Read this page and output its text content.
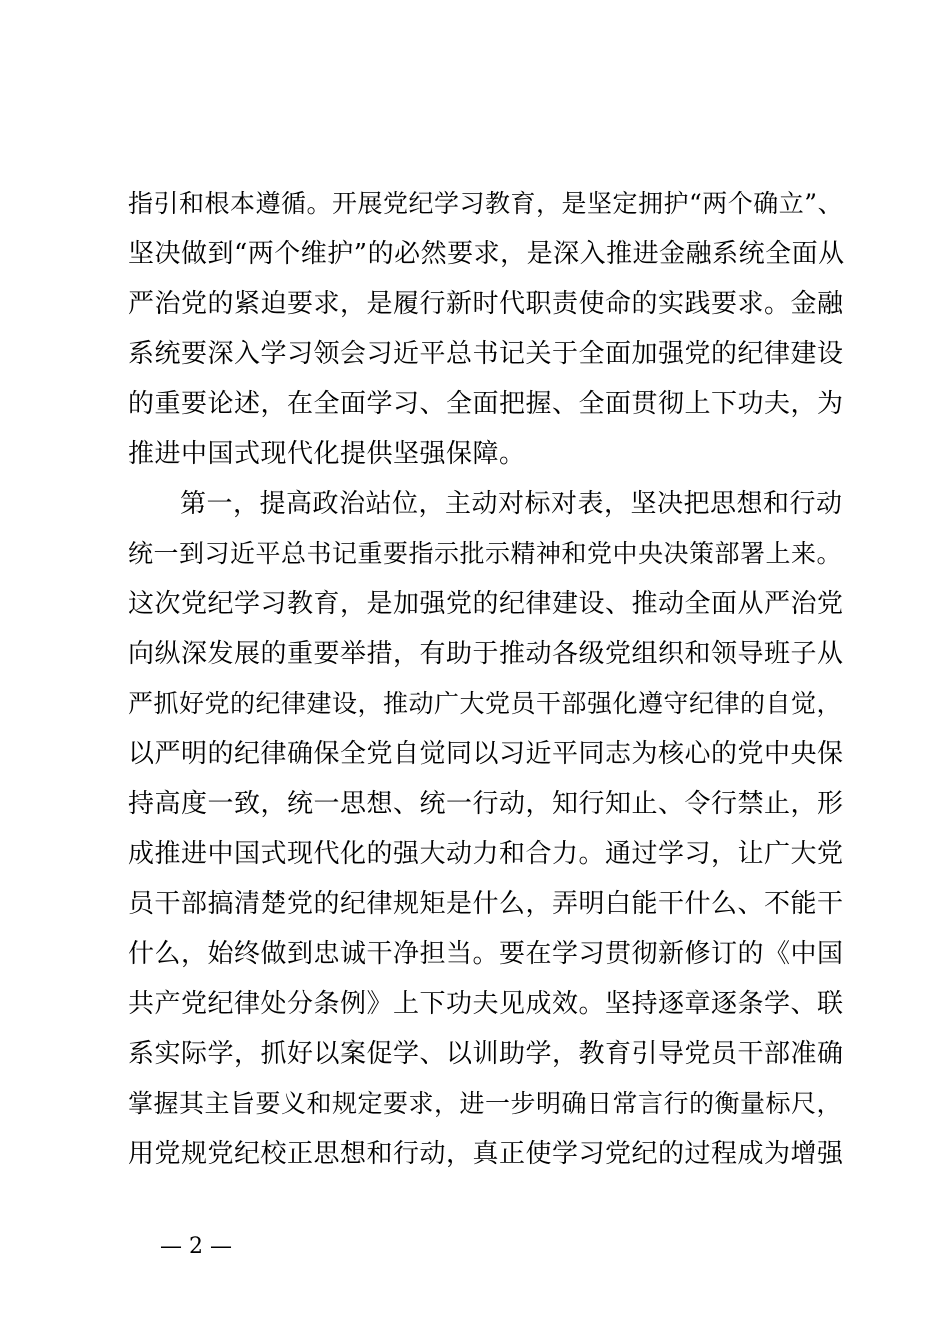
指引和根本遵循。开展党纪学习教育，是坚定拥护“两个确立”、
坚决做到“两个维护”的必然要求，是深入推进金融系统全面从
严治党的紧迫要求，是履行新时代职责使命的实践要求。金融
系统要深入学习领会习近平总书记关于全面加强党的纪律建设
的重要论述，在全面学习、全面把握、全面贯彻上下功夫，为
推进中国式现代化提供坚强保障。
第一，提高政治站位，主动对标对表，坚决把思想和行动
统一到习近平总书记重要指示批示精神和党中央决策部署上来。
这次党纪学习教育，是加强党的纪律建设、推动全面从严治党
向纵深发展的重要举措，有助于推动各级党组织和领导班子从
严抓好党的纪律建设，推动广大党员干部强化遵守纪律的自觉，
以严明的纪律确保全党自觉同以习近平同志为核心的党中央保
持高度一致，统一思想、统一行动，知行知止、令行禁止，形
成推进中国式现代化的强大动力和合力。通过学习，让广大党
员干部搞清楚党的纪律规矩是什么，弄明白能干什么、不能干
什么，始终做到忠诚干净担当。要在学习贯彻新修订的《中国
共产党纪律处分条例》上下功夫见成效。坚持逐章逐条学、联
系实际学，抓好以案促学、以训助学，教育引导党员干部准确
掌握其主旨要义和规定要求，进一步明确日常言行的衡量标尺，
用党规党纪校正思想和行动，真正使学习党纪的过程成为增强
— 2 —
